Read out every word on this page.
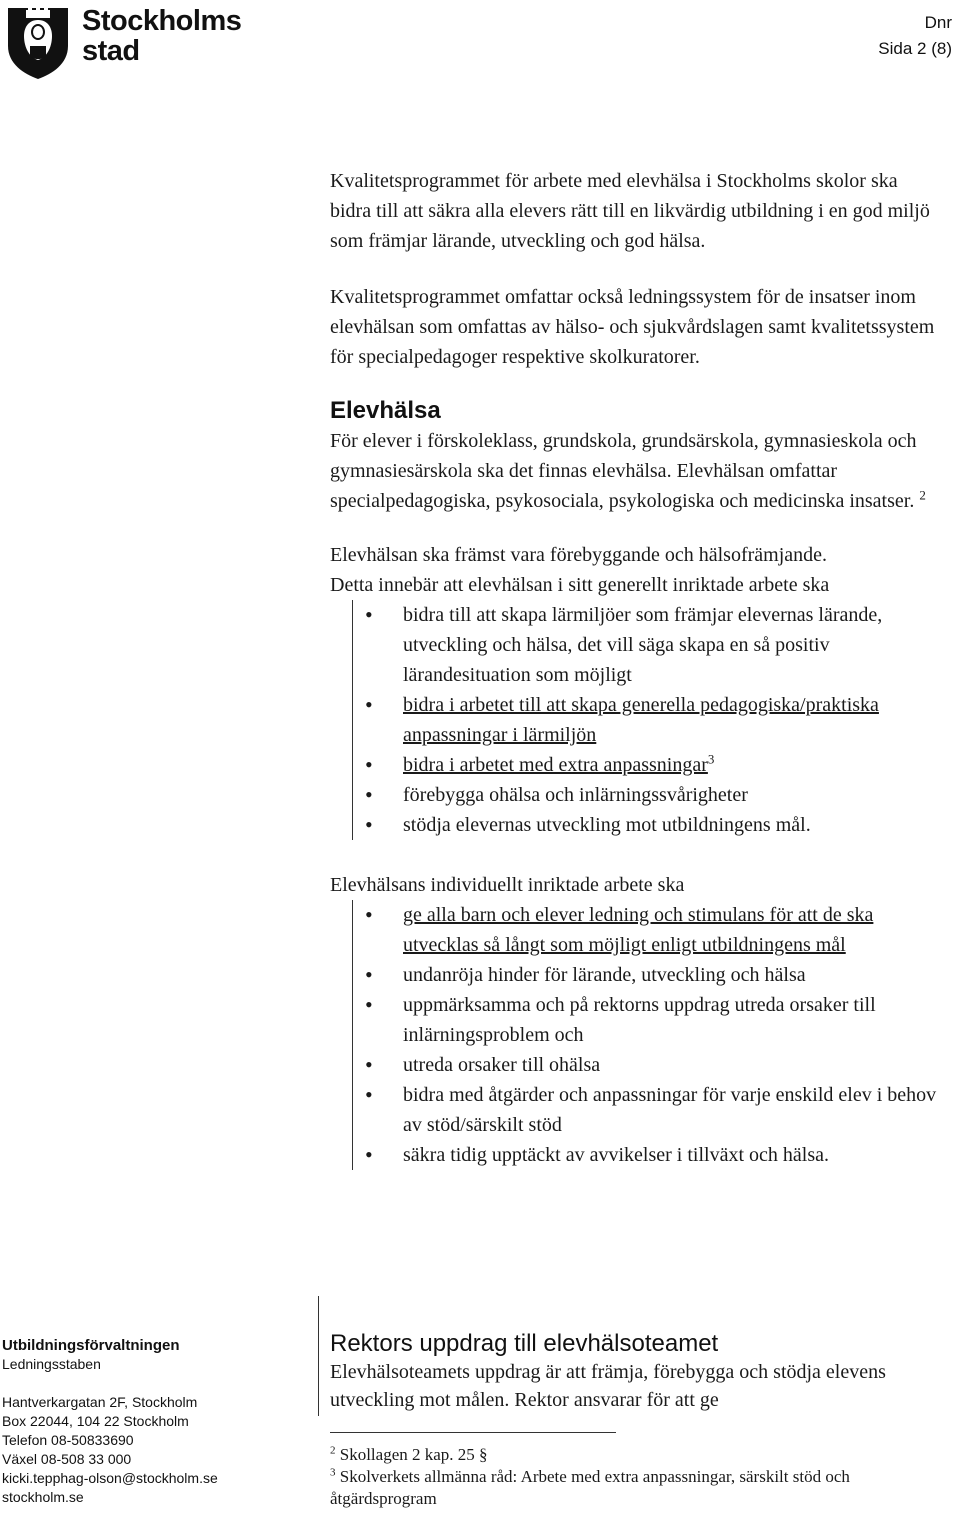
Stockholms
stad
Dnr
Sida 2 (8)

Kvalitetsprogrammet för arbete med elevhälsa i Stockholms skolor ska bidra till att säkra alla elevers rätt till en likvärdig utbildning i en god miljö som främjar lärande, utveckling och god hälsa.

Kvalitetsprogrammet omfattar också ledningssystem för de insatser inom elevhälsan som omfattas av hälso- och sjukvårdslagen samt kvalitetssystem för specialpedagoger respektive skolkuratorer.

Elevhälsa

För elever i förskoleklass, grundskola, grundsärskola, gymnasieskola och gymnasiesärskola ska det finnas elevhälsa. Elevhälsan omfattar specialpedagogiska, psykosociala, psykologiska och medicinska insatser. $^2$

Elevhälsan ska främst vara förebyggande och hälsofrämjande.

Detta innebär att elevhälsan i sitt generellt inriktade arbete ska

• bidra till att skapa lärmiljöer som främjar elevernas lärande, utveckling och hälsa, det vill säga skapa en så positiv lärandesituation som möjligt
• bidra i arbetet till att skapa generella pedagogiska/praktiska anpassningar i lärmiljön
• bidra i arbetet med extra anpassningar$^3$
• förebygga ohälsa och inlärningssvårigheter
• stödja elevernas utveckling mot utbildningens mål.

Elevhälsans individuellt inriktade arbete ska

• ge alla barn och elever ledning och stimulans för att de ska utvecklas så långt som möjligt enligt utbildningens mål
• undanröja hinder för lärande, utveckling och hälsa
• uppmärksamma och på rektorns uppdrag utreda orsaker till inlärningsproblem och
• utreda orsaker till ohälsa
• bidra med åtgärder och anpassningar för varje enskild elev i behov av stöd/särskilt stöd
• säkra tidig upptäckt av avvikelser i tillväxt och hälsa.
Utbildningsförvaltningen
Ledningsstaben
Hantverkargatan 2F, Stockholm
Box 22044, 104 22 Stockholm
Telefon 08-50833690
Växel 08-508 33 000
kicki.tepphag-olson@stockholm.se
stockholm.se
Rektors uppdrag till elevhälsoteamet

Elevhälsoteamets uppdrag är att främja, förebygga och stödja elevens utveckling mot målen. Rektor ansvarar för att ge

$^2$ Skollagen 2 kap. 25 §

$^3$ Skolverkets allmänna råd: Arbete med extra anpassningar, särskilt stöd och åtgärdsprogram
